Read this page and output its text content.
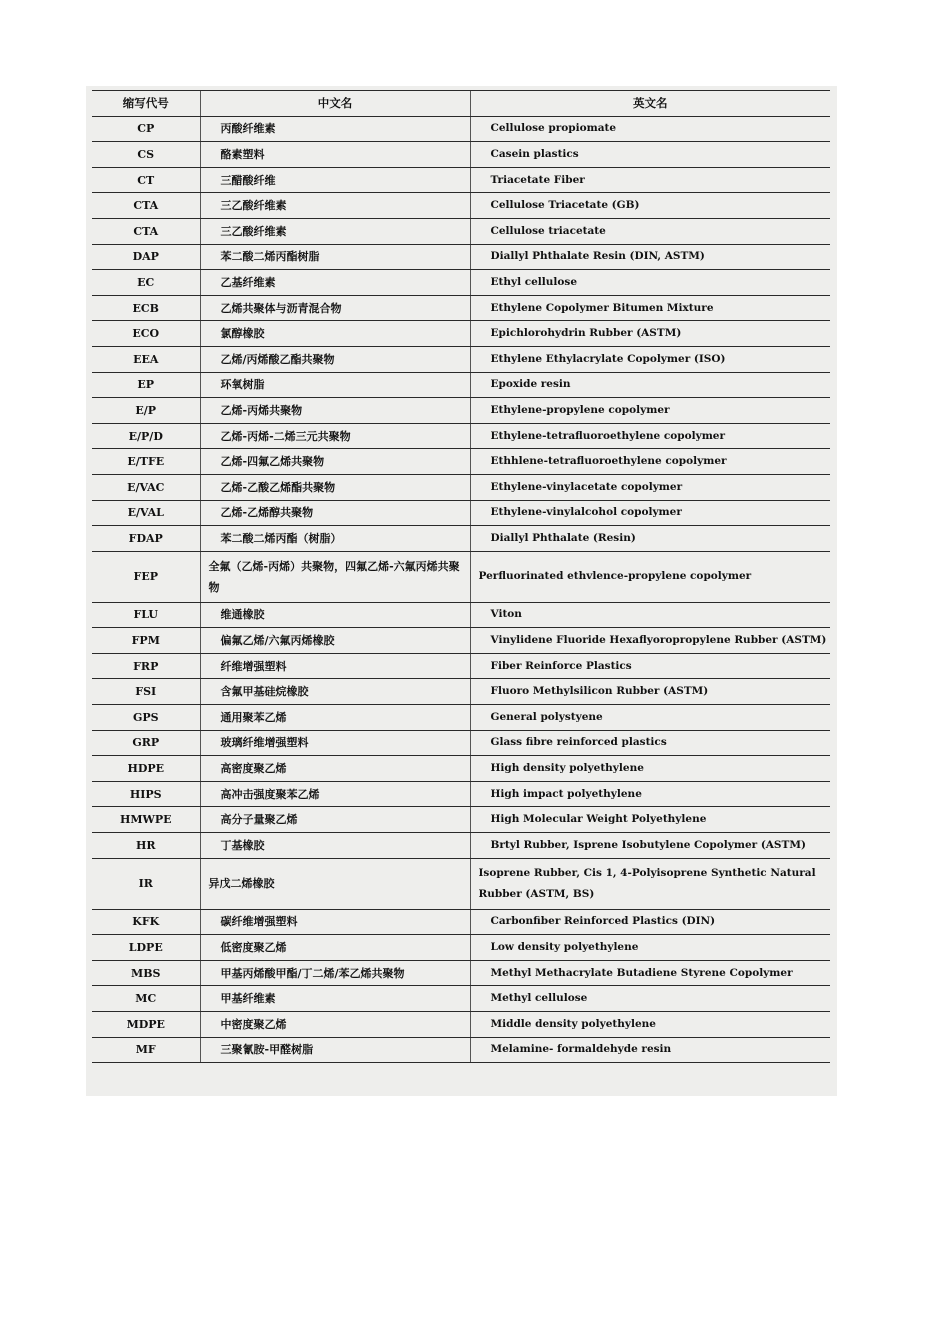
缩写代号	中文名	英文名
CP	丙酸纤维素	Cellulose propiomate
CS	酪素塑料	Casein plastics
CT	三醋酸纤维	Triacetate Fiber
CTA	三乙酸纤维素	Cellulose Triacetate (GB)
CTA	三乙酸纤维素	Cellulose triacetate
DAP	苯二酸二烯丙酯树脂	Diallyl Phthalate Resin (DIN, ASTM)
EC	乙基纤维素	Ethyl cellulose
ECB	乙烯共聚体与沥青混合物	Ethylene Copolymer Bitumen Mixture
ECO	氯醇橡胶	Epichlorohydrin Rubber (ASTM)
EEA	乙烯/丙烯酸乙酯共聚物	Ethylene Ethylacrylate Copolymer (ISO)
EP	环氧树脂	Epoxide resin
E/P	乙烯-丙烯共聚物	Ethylene-propylene copolymer
E/P/D	乙烯-丙烯-二烯三元共聚物	Ethylene-tetrafluoroethylene copolymer
E/TFE	乙烯-四氟乙烯共聚物	Ethhlene-tetrafluoroethylene copolymer
E/VAC	乙烯-乙酸乙烯酯共聚物	Ethylene-vinylacetate copolymer
E/VAL	乙烯-乙烯醇共聚物	Ethylene-vinylalcohol copolymer
FDAP	苯二酸二烯丙酯（树脂）	Diallyl Phthalate (Resin)
FEP	全氟（乙烯-丙烯）共聚物，四氟乙烯-六氟丙烯共聚物	Perfluorinated ethvlence-propylene copolymer
FLU	维通橡胶	Viton
FPM	偏氟乙烯/六氟丙烯橡胶	Vinylidene Fluoride Hexaflyoropropylene Rubber (ASTM)
FRP	纤维增强塑料	Fiber Reinforce Plastics
FSI	含氟甲基硅烷橡胶	Fluoro Methylsilicon Rubber (ASTM)
GPS	通用聚苯乙烯	General polystyene
GRP	玻璃纤维增强塑料	Glass fibre reinforced plastics
HDPE	高密度聚乙烯	High density polyethylene
HIPS	高冲击强度聚苯乙烯	High impact polyethylene
HMWPE	高分子量聚乙烯	High Molecular Weight Polyethylene
HR	丁基橡胶	Brtyl Rubber, Isprene Isobutylene Copolymer (ASTM)
IR	异戊二烯橡胶	Isoprene Rubber, Cis 1, 4-Polyisoprene Synthetic Natural Rubber (ASTM, BS)
KFK	碳纤维增强塑料	Carbonfiber Reinforced Plastics (DIN)
LDPE	低密度聚乙烯	Low density polyethylene
MBS	甲基丙烯酸甲酯/丁二烯/苯乙烯共聚物	Methyl Methacrylate Butadiene Styrene Copolymer
MC	甲基纤维素	Methyl cellulose
MDPE	中密度聚乙烯	Middle density polyethylene
MF	三聚氰胺-甲醛树脂	Melamine- formaldehyde resin
